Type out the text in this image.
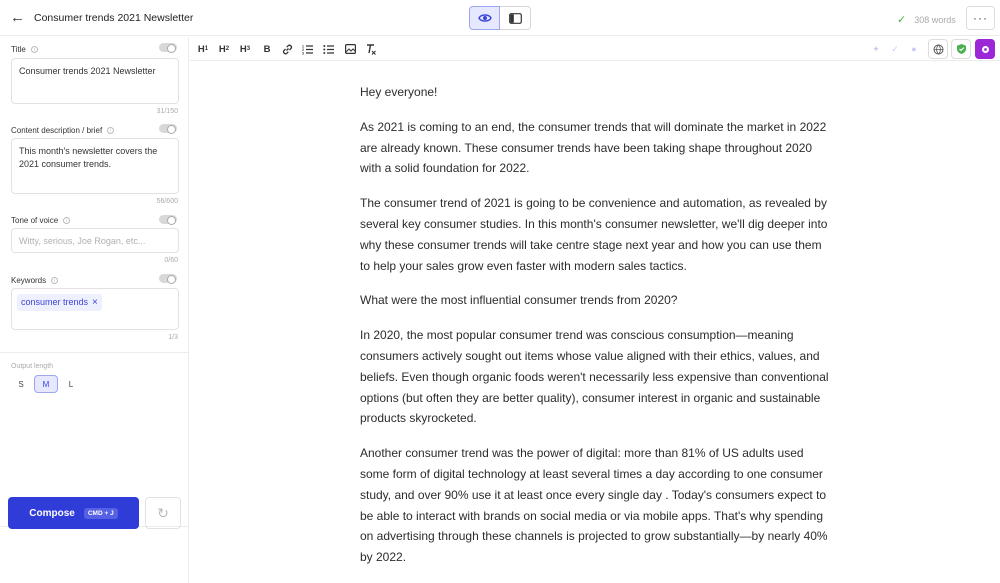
← Consumer trends 2021 Newsletter	✓ 308 words	···
Title	i
Consumer trends 2021 Newsletter
31/150
Content description / brief	i
This month's newsletter covers the 2021 consumer trends.
56/600
Tone of voice	i
Witty, serious, Joe Rogan, etc...
0/60
Keywords	i
consumer trends ×
1/3
Output length
S	M	L
Compose	CMD + J	↻
H 1 H 2 H 3	B	1
2
3	✦	✓	●

Hey everyone!

As 2021 is coming to an end, the consumer trends that will dominate the market in 2022 are already known. These consumer trends have been taking shape throughout 2020 with a solid foundation for 2022.

The consumer trend of 2021 is going to be convenience and automation, as revealed by several key consumer studies. In this month's consumer newsletter, we'll dig deeper into why these consumer trends will take centre stage next year and how you can use them to help your sales grow even faster with modern sales tactics.

What were the most influential consumer trends from 2020?

In 2020, the most popular consumer trend was conscious consumption—meaning consumers actively sought out items whose value aligned with their ethics, values, and beliefs. Even though organic foods weren't necessarily less expensive than conventional options (but often they are better quality), consumer interest in organic and sustainable products skyrocketed.

Another consumer trend was the power of digital: more than 81% of US adults used some form of digital technology at least several times a day according to one consumer study, and over 90% use it at least once every single day . Today's consumers expect to be able to interact with brands on social media or via mobile apps. That's why spending on advertising through these channels is projected to grow substantially—by nearly 40% by 2022.
